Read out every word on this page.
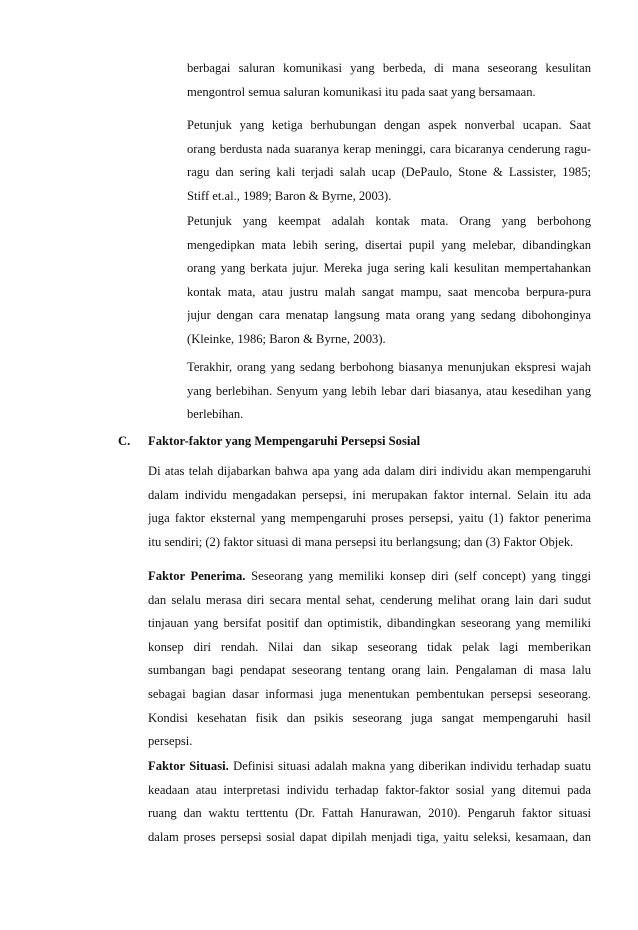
berbagai saluran komunikasi yang berbeda, di mana seseorang kesulitan
mengontrol semua saluran komunikasi itu pada saat yang bersamaan.
Petunjuk yang ketiga berhubungan dengan aspek nonverbal ucapan. Saat
orang berdusta nada suaranya kerap meninggi, cara bicaranya cenderung ragu-
ragu dan sering kali terjadi salah ucap (DePaulo, Stone & Lassister, 1985;
Stiff et.al., 1989; Baron & Byrne, 2003).
Petunjuk yang keempat adalah kontak mata. Orang yang berbohong
mengedipkan mata lebih sering, disertai pupil yang melebar, dibandingkan
orang yang berkata jujur. Mereka juga sering kali kesulitan mempertahankan
kontak mata, atau justru malah sangat mampu, saat mencoba berpura-pura
jujur dengan cara menatap langsung mata orang yang sedang dibohonginya
(Kleinke, 1986; Baron & Byrne, 2003).
Terakhir, orang yang sedang berbohong biasanya menunjukan ekspresi wajah
yang berlebihan. Senyum yang lebih lebar dari biasanya, atau kesedihan yang
berlebihan.
C. Faktor-faktor yang Mempengaruhi Persepsi Sosial
Di atas telah dijabarkan bahwa apa yang ada dalam diri individu akan mempengaruhi
dalam individu mengadakan persepsi, ini merupakan faktor internal. Selain itu ada
juga faktor eksternal yang mempengaruhi proses persepsi, yaitu (1) faktor penerima
itu sendiri; (2) faktor situasi di mana persepsi itu berlangsung; dan (3) Faktor Objek.
Faktor Penerima. Seseorang yang memiliki konsep diri (self concept) yang tinggi
dan selalu merasa diri secara mental sehat, cenderung melihat orang lain dari sudut
tinjauan yang bersifat positif dan optimistik, dibandingkan seseorang yang memiliki
konsep diri rendah. Nilai dan sikap seseorang tidak pelak lagi memberikan
sumbangan bagi pendapat seseorang tentang orang lain. Pengalaman di masa lalu
sebagai bagian dasar informasi juga menentukan pembentukan persepsi seseorang.
Kondisi kesehatan fisik dan psikis seseorang juga sangat mempengaruhi hasil
persepsi.
Faktor Situasi. Definisi situasi adalah makna yang diberikan individu terhadap suatu
keadaan atau interpretasi individu terhadap faktor-faktor sosial yang ditemui pada
ruang dan waktu terttentu (Dr. Fattah Hanurawan, 2010). Pengaruh faktor situasi
dalam proses persepsi sosial dapat dipilah menjadi tiga, yaitu seleksi, kesamaan, dan
